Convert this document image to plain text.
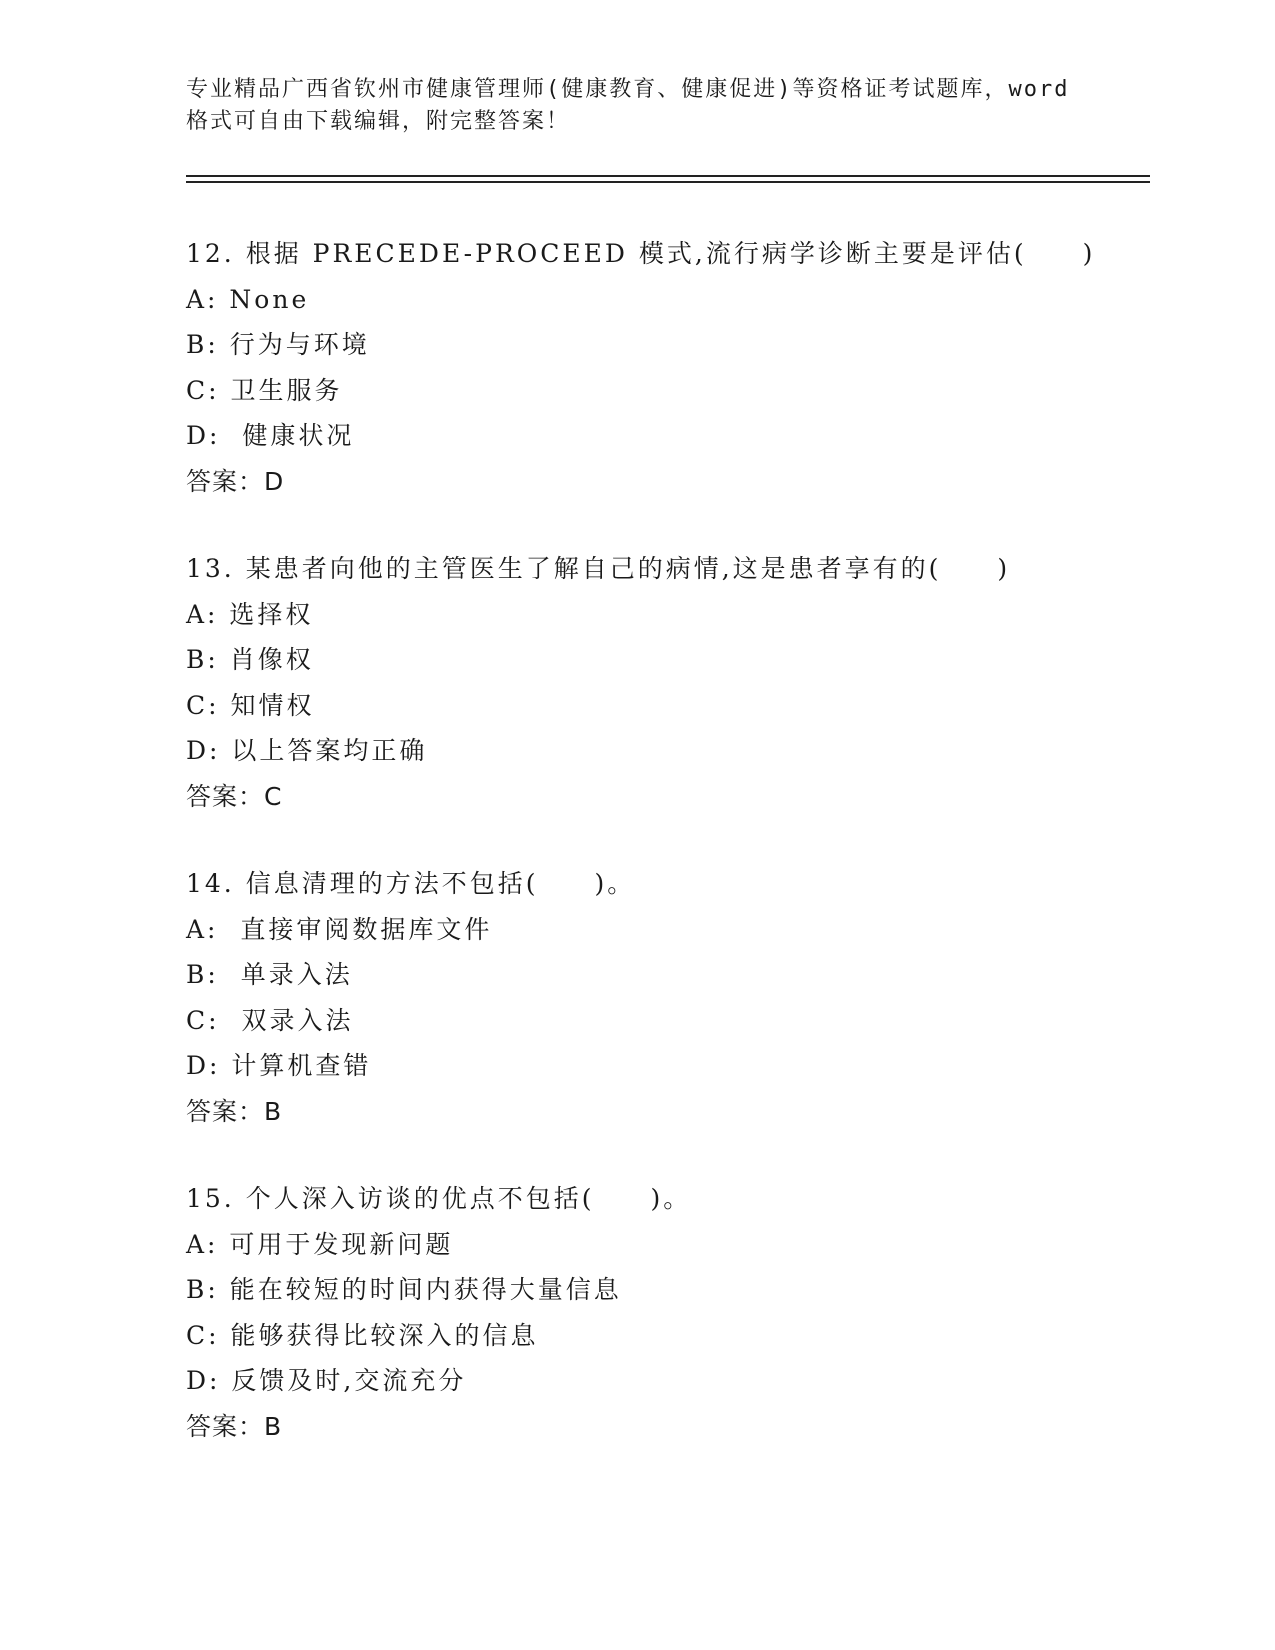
专业精品广西省钦州市健康管理师(健康教育、健康促进)等资格证考试题库，word
格式可自由下载编辑，附完整答案！
12. 根据 PRECEDE-PROCEED 模式,流行病学诊断主要是评估(　　)
A: None
B: 行为与环境
C: 卫生服务
D:  健康状况
答案：D
13. 某患者向他的主管医生了解自己的病情,这是患者享有的(　　)
A: 选择权
B: 肖像权
C: 知情权
D: 以上答案均正确
答案：C
14. 信息清理的方法不包括(　　)。
A:  直接审阅数据库文件
B:  单录入法
C:  双录入法
D: 计算机查错
答案：B
15. 个人深入访谈的优点不包括(　　)。
A: 可用于发现新问题
B: 能在较短的时间内获得大量信息
C: 能够获得比较深入的信息
D: 反馈及时,交流充分
答案：B
